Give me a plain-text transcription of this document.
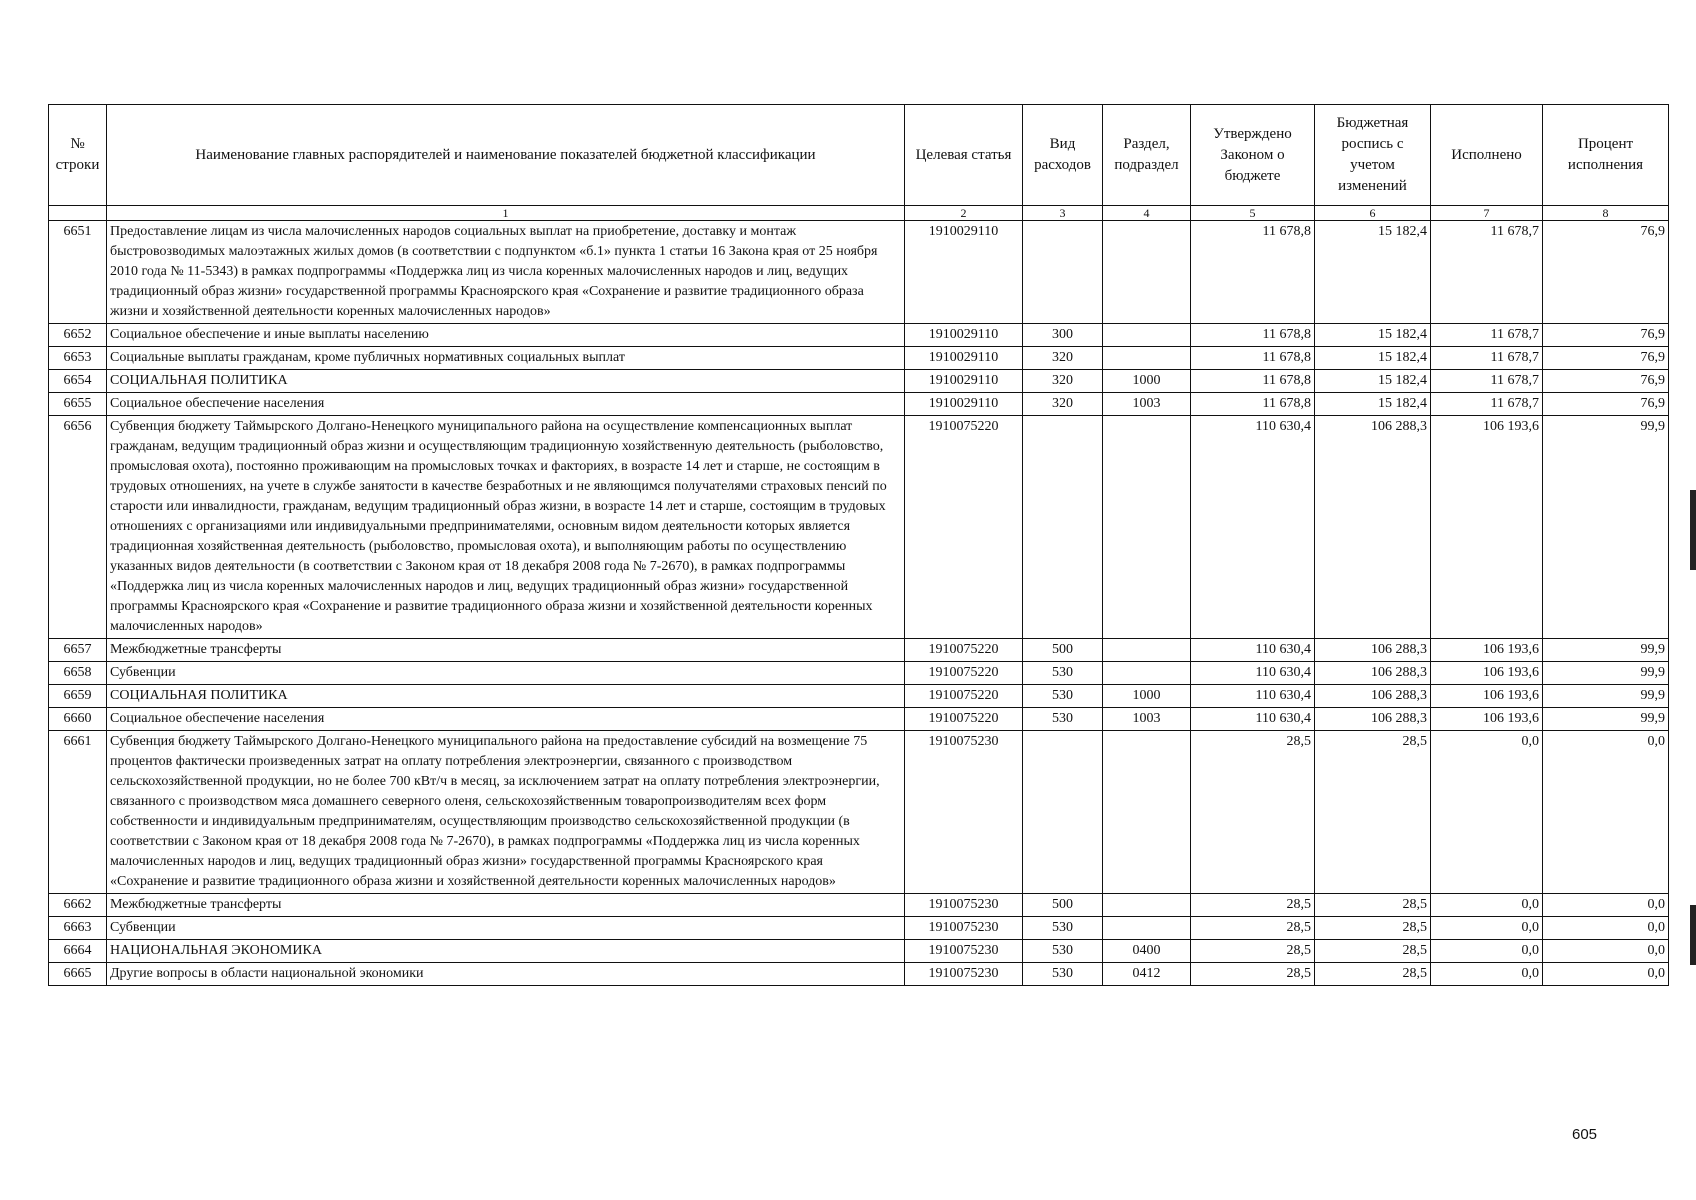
№ строки	Наименование главных распорядителей и наименование показателей бюджетной классификации	Целевая статья	Вид расходов	Раздел, подраздел	Утверждено Законом о бюджете	Бюджетная роспись с учетом изменений	Исполнено	Процент исполнения
	1	2	3	4	5	6	7	8
6651	Предоставление лицам из числа малочисленных народов социальных выплат на приобретение, доставку и монтаж быстровозводимых малоэтажных жилых домов (в соответствии с подпунктом «б.1» пункта 1 статьи 16 Закона края от 25 ноября 2010 года № 11-5343) в рамках подпрограммы «Поддержка лиц из числа коренных малочисленных народов и лиц, ведущих традиционный образ жизни» государственной программы Красноярского края «Сохранение и развитие традиционного образа жизни и хозяйственной деятельности коренных малочисленных народов»	1910029110			11 678,8	15 182,4	11 678,7	76,9
6652	Социальное обеспечение и иные выплаты населению	1910029110	300		11 678,8	15 182,4	11 678,7	76,9
6653	Социальные выплаты гражданам, кроме публичных нормативных социальных выплат	1910029110	320		11 678,8	15 182,4	11 678,7	76,9
6654	СОЦИАЛЬНАЯ ПОЛИТИКА	1910029110	320	1000	11 678,8	15 182,4	11 678,7	76,9
6655	Социальное обеспечение населения	1910029110	320	1003	11 678,8	15 182,4	11 678,7	76,9
6656	Субвенция бюджету Таймырского Долгано-Ненецкого муниципального района на осуществление компенсационных выплат гражданам, ведущим традиционный образ жизни и осуществляющим традиционную хозяйственную деятельность (рыболовство, промысловая охота), постоянно проживающим на промысловых точках и факториях, в возрасте 14 лет и старше, не состоящим в трудовых отношениях, на учете в службе занятости в качестве безработных и не являющимся получателями страховых пенсий по старости или инвалидности, гражданам, ведущим традиционный образ жизни, в возрасте 14 лет и старше, состоящим в трудовых отношениях с организациями или индивидуальными предпринимателями, основным видом деятельности которых является традиционная хозяйственная деятельность (рыболовство, промысловая охота), и выполняющим работы по осуществлению указанных видов деятельности (в соответствии с Законом края от 18 декабря 2008 года № 7-2670), в рамках подпрограммы «Поддержка лиц из числа коренных малочисленных народов и лиц, ведущих традиционный образ жизни» государственной программы Красноярского края «Сохранение и развитие традиционного образа жизни и хозяйственной деятельности коренных малочисленных народов»	1910075220			110 630,4	106 288,3	106 193,6	99,9
6657	Межбюджетные трансферты	1910075220	500		110 630,4	106 288,3	106 193,6	99,9
6658	Субвенции	1910075220	530		110 630,4	106 288,3	106 193,6	99,9
6659	СОЦИАЛЬНАЯ ПОЛИТИКА	1910075220	530	1000	110 630,4	106 288,3	106 193,6	99,9
6660	Социальное обеспечение населения	1910075220	530	1003	110 630,4	106 288,3	106 193,6	99,9
6661	Субвенция бюджету Таймырского Долгано-Ненецкого муниципального района на предоставление субсидий на возмещение 75 процентов фактически произведенных затрат на оплату потребления электроэнергии, связанного с производством сельскохозяйственной продукции, но не более 700 кВт/ч в месяц, за исключением затрат на оплату потребления электроэнергии, связанного с производством мяса домашнего северного оленя, сельскохозяйственным товаропроизводителям всех форм собственности и индивидуальным предпринимателям, осуществляющим производство сельскохозяйственной продукции (в соответствии с Законом края от 18 декабря 2008 года № 7-2670), в рамках подпрограммы «Поддержка лиц из числа коренных малочисленных народов и лиц, ведущих традиционный образ жизни» государственной программы Красноярского края «Сохранение и развитие традиционного образа жизни и хозяйственной деятельности коренных малочисленных народов»	1910075230			28,5	28,5	0,0	0,0
6662	Межбюджетные трансферты	1910075230	500		28,5	28,5	0,0	0,0
6663	Субвенции	1910075230	530		28,5	28,5	0,0	0,0
6664	НАЦИОНАЛЬНАЯ ЭКОНОМИКА	1910075230	530	0400	28,5	28,5	0,0	0,0
6665	Другие вопросы в области национальной экономики	1910075230	530	0412	28,5	28,5	0,0	0,0
605
